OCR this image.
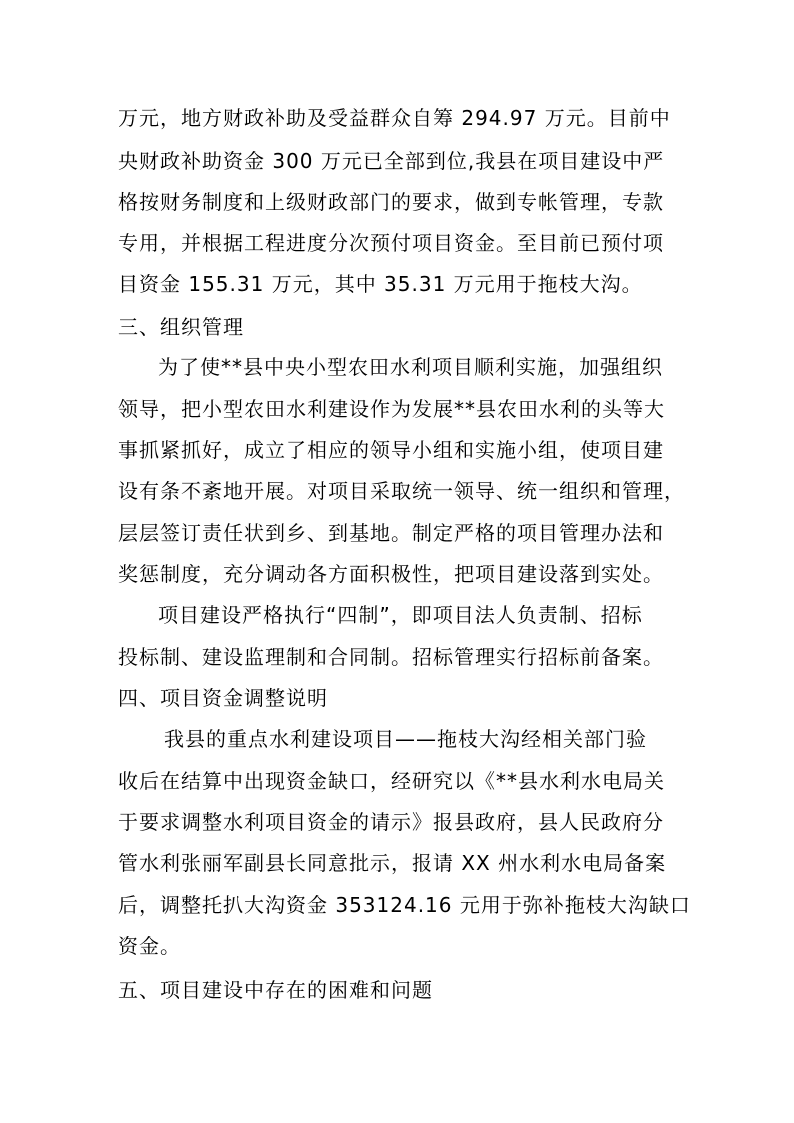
万元，地方财政补助及受益群众自筹 294.97 万元。目前中
央财政补助资金 300 万元已全部到位,我县在项目建设中严
格按财务制度和上级财政部门的要求，做到专帐管理，专款
专用，并根据工程进度分次预付项目资金。至目前已预付项
目资金 155.31 万元，其中 35.31 万元用于拖枝大沟。
三、组织管理
为了使**县中央小型农田水利项目顺利实施，加强组织
领导，把小型农田水利建设作为发展**县农田水利的头等大
事抓紧抓好，成立了相应的领导小组和实施小组，使项目建
设有条不紊地开展。对项目采取统一领导、统一组织和管理，
层层签订责任状到乡、到基地。制定严格的项目管理办法和
奖惩制度，充分调动各方面积极性，把项目建设落到实处。
项目建设严格执行“四制”，即项目法人负责制、招标
投标制、建设监理制和合同制。招标管理实行招标前备案。
四、项目资金调整说明
我县的重点水利建设项目——拖枝大沟经相关部门验
收后在结算中出现资金缺口，经研究以《**县水利水电局关
于要求调整水利项目资金的请示》报县政府，县人民政府分
管水利张丽军副县长同意批示，报请 XX 州水利水电局备案
后，调整托扒大沟资金 353124.16 元用于弥补拖枝大沟缺口
资金。
五、项目建设中存在的困难和问题
